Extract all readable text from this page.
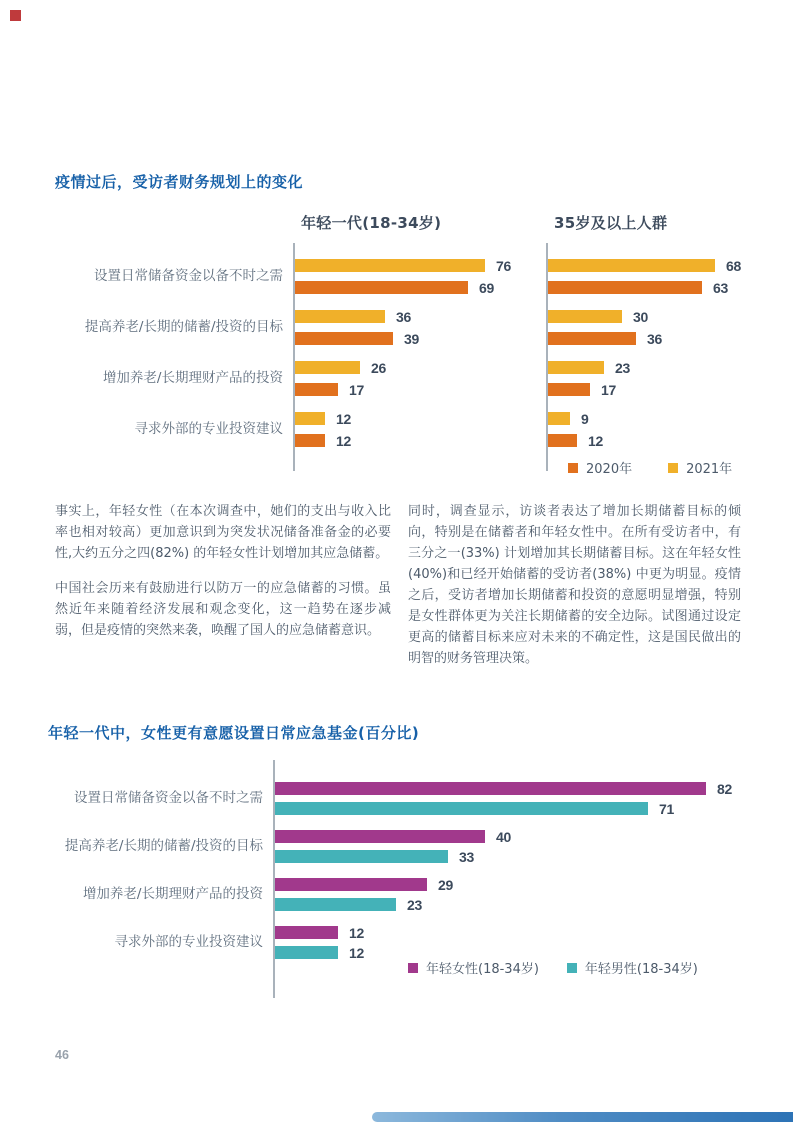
疫情过后，受访者财务规划上的变化
年轻一代(18-34岁)	35岁及以上人群
设置日常储备资金以备不时之需
提高养老/长期的储蓄/投资的目标
增加养老/长期理财产品的投资
寻求外部的专业投资建议
76
69
36
39
26
17
12
12
68
63
30
36
23
17
9
12
2020年	2021年

事实上，年轻女性（在本次调查中，她们的支出与收入比率也相对较高）更加意识到为突发状况储备准备金的必要性,大约五分之四(82%) 的年轻女性计划增加其应急储蓄。

中国社会历来有鼓励进行以防万一的应急储蓄的习惯。虽然近年来随着经济发展和观念变化，这一趋势在逐步减弱，但是疫情的突然来袭，唤醒了国人的应急储蓄意识。

同时，调查显示，访谈者表达了增加长期储蓄目标的倾向，特别是在储蓄者和年轻女性中。在所有受访者中，有三分之一(33%) 计划增加其长期储蓄目标。这在年轻女性(40%)和已经开始储蓄的受访者(38%) 中更为明显。疫情之后，受访者增加长期储蓄和投资的意愿明显增强，特别是女性群体更为关注长期储蓄的安全边际。试图通过设定更高的储蓄目标来应对未来的不确定性，这是国民做出的明智的财务管理决策。

年轻一代中，女性更有意愿设置日常应急基金(百分比)
设置日常储备资金以备不时之需
提高养老/长期的储蓄/投资的目标
增加养老/长期理财产品的投资
寻求外部的专业投资建议
82
71
40
33
29
23
12
12
年轻女性(18-34岁)	年轻男性(18-34岁)
46
